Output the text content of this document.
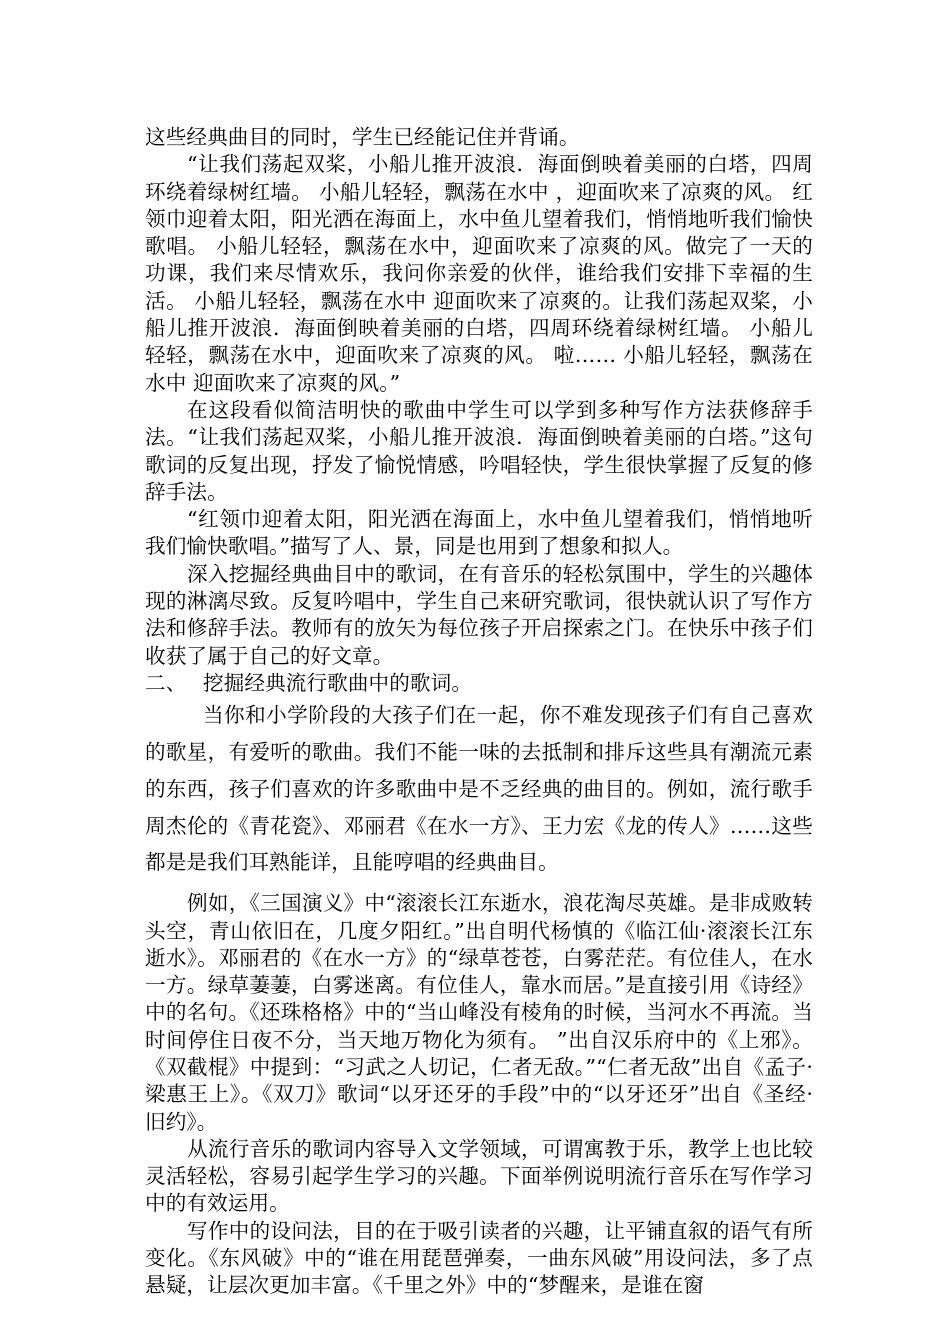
这些经典曲目的同时，学生已经能记住并背诵。

“让我们荡起双桨，小船儿推开波浪．海面倒映着美丽的白塔，四周环绕着绿树红墙。 小船儿轻轻，飘荡在水中 ，迎面吹来了凉爽的风。 红领巾迎着太阳，阳光洒在海面上，水中鱼儿望着我们，悄悄地听我们愉快歌唱。 小船儿轻轻，飘荡在水中，迎面吹来了凉爽的风。做完了一天的功课，我们来尽情欢乐，我问你亲爱的伙伴，谁给我们安排下幸福的生活。 小船儿轻轻，飘荡在水中 迎面吹来了凉爽的。让我们荡起双桨，小船儿推开波浪．海面倒映着美丽的白塔，四周环绕着绿树红墙。 小船儿轻轻，飘荡在水中，迎面吹来了凉爽的风。 啦…… 小船儿轻轻，飘荡在水中 迎面吹来了凉爽的风。”

在这段看似简洁明快的歌曲中学生可以学到多种写作方法获修辞手法。“让我们荡起双桨，小船儿推开波浪．海面倒映着美丽的白塔。”这句歌词的反复出现，抒发了愉悦情感，吟唱轻快，学生很快掌握了反复的修辞手法。

“红领巾迎着太阳，阳光洒在海面上，水中鱼儿望着我们，悄悄地听我们愉快歌唱。”描写了人、景，同是也用到了想象和拟人。

深入挖掘经典曲目中的歌词，在有音乐的轻松氛围中，学生的兴趣体现的淋漓尽致。反复吟唱中，学生自己来研究歌词，很快就认识了写作方法和修辞手法。教师有的放矢为每位孩子开启探索之门。在快乐中孩子们收获了属于自己的好文章。

二、 挖掘经典流行歌曲中的歌词。

当你和小学阶段的大孩子们在一起，你不难发现孩子们有自己喜欢的歌星，有爱听的歌曲。我们不能一味的去抵制和排斥这些具有潮流元素的东西，孩子们喜欢的许多歌曲中是不乏经典的曲目的。例如，流行歌手周杰伦的《青花瓷》、邓丽君《在水一方》、王力宏《龙的传人》……这些都是是我们耳熟能详，且能哼唱的经典曲目。

例如，《三国演义》中“滚滚长江东逝水，浪花淘尽英雄。是非成败转头空，青山依旧在，几度夕阳红。”出自明代杨慎的《临江仙·滚滚长江东逝水》。邓丽君的《在水一方》的“绿草苍苍，白雾茫茫。有位佳人，在水一方。绿草萋萋，白雾迷离。有位佳人，靠水而居。”是直接引用《诗经》中的名句。《还珠格格》中的“当山峰没有棱角的时候，当河水不再流。当时间停住日夜不分，当天地万物化为须有。 ”出自汉乐府中的《上邪》。《双截棍》中提到：“习武之人切记，仁者无敌。”“仁者无敌”出自《孟子·梁惠王上》。《双刀》歌词“以牙还牙的手段”中的“以牙还牙”出自《圣经·旧约》。

从流行音乐的歌词内容导入文学领域，可谓寓教于乐，教学上也比较灵活轻松，容易引起学生学习的兴趣。下面举例说明流行音乐在写作学习中的有效运用。

写作中的设问法，目的在于吸引读者的兴趣，让平铺直叙的语气有所变化。《东风破》中的“谁在用琵琶弹奏，一曲东风破”用设问法，多了点悬疑，让层次更加丰富。《千里之外》中的“梦醒来，是谁在窗
